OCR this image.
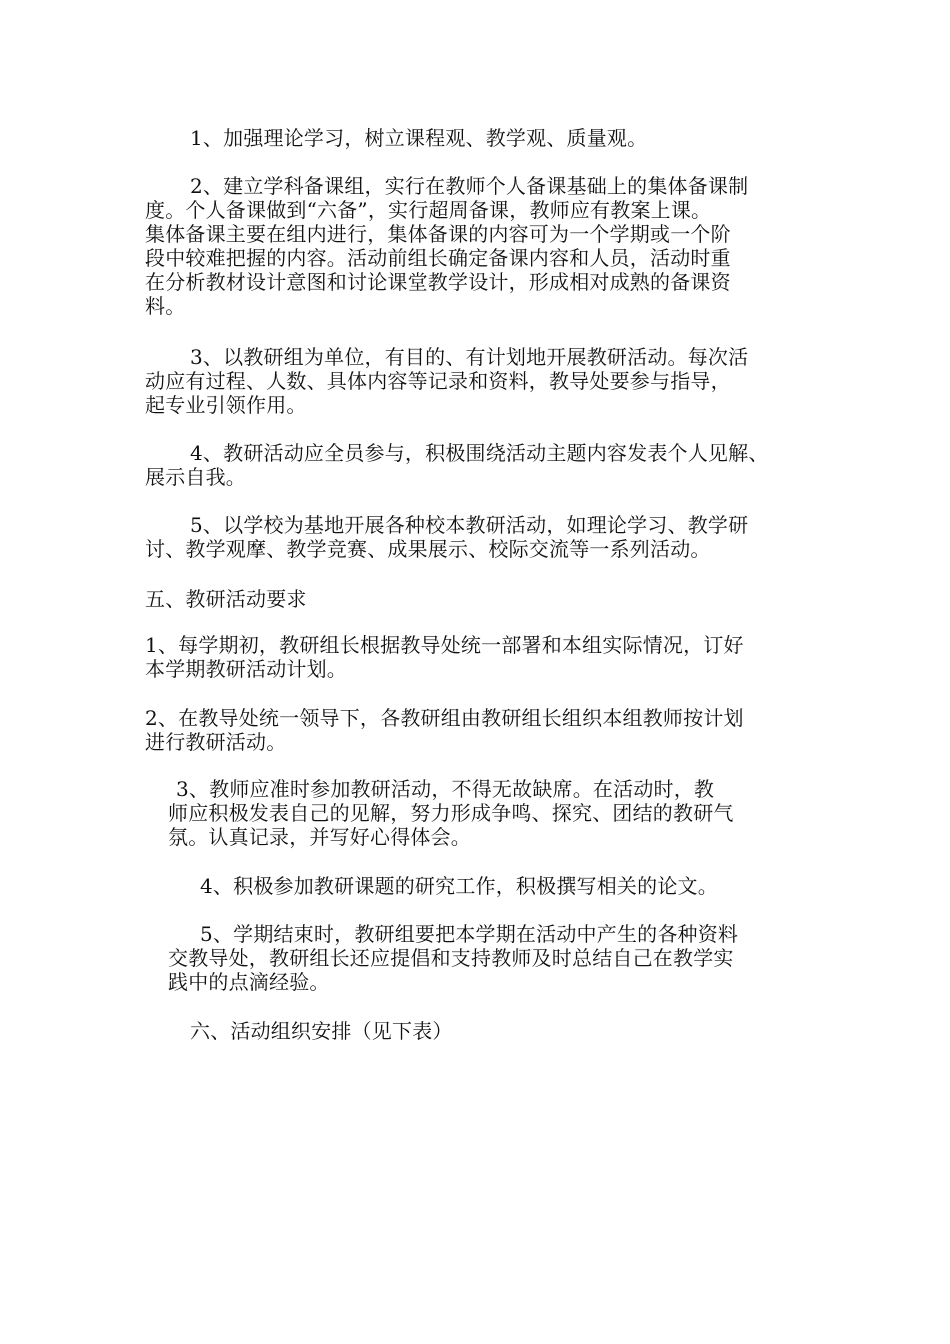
1、加强理论学习，树立课程观、教学观、质量观。

2、建立学科备课组，实行在教师个人备课基础上的集体备课制
度。个人备课做到“六备”，实行超周备课，教师应有教案上课。
集体备课主要在组内进行，集体备课的内容可为一个学期或一个阶
段中较难把握的内容。活动前组长确定备课内容和人员，活动时重
在分析教材设计意图和讨论课堂教学设计，形成相对成熟的备课资
料。

3、以教研组为单位，有目的、有计划地开展教研活动。每次活
动应有过程、人数、具体内容等记录和资料，教导处要参与指导，
起专业引领作用。

4、教研活动应全员参与，积极围绕活动主题内容发表个人见解、
展示自我。

5、以学校为基地开展各种校本教研活动，如理论学习、教学研
讨、教学观摩、教学竞赛、成果展示、校际交流等一系列活动。

五、教研活动要求

1、每学期初，教研组长根据教导处统一部署和本组实际情况，订好
本学期教研活动计划。

2、在教导处统一领导下，各教研组由教研组长组织本组教师按计划
进行教研活动。

3、教师应准时参加教研活动，不得无故缺席。在活动时，教
师应积极发表自己的见解，努力形成争鸣、探究、团结的教研气
氛。认真记录，并写好心得体会。

4、积极参加教研课题的研究工作，积极撰写相关的论文。

5、学期结束时，教研组要把本学期在活动中产生的各种资料
交教导处，教研组长还应提倡和支持教师及时总结自己在教学实
践中的点滴经验。

六、活动组织安排（见下表）
